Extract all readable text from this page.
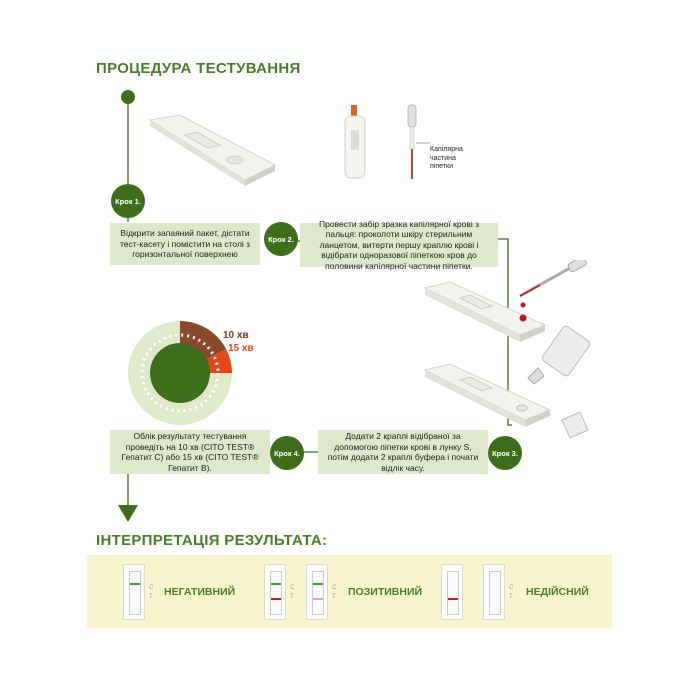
ПРОЦЕДУРА ТЕСТУВАННЯ
Капілярна
частина
піпетки
Крок 1.
Відкрити запаяний пакет, дістати тест-касету і помістити на столі з горизонтальної поверхнею
Крок 2.
Провести забір зразка капілярної крові з пальця: проколоти шкіру стерильним ланцетом, витерти першу краплю крові і відібрати одноразової піпеткою кров до половини капілярної частини піпетки.
Крок 3.
Додати 2 краплі відібраної за допомогою піпетки крові в лунку S, потім додати 2 краплі буфера і почати відлік часу.
Крок 4.
Облік результату тестування проведіть на 10 хв (CITO TEST® Гепатит С) або 15 хв (CITO TEST® Гепатит В).
10 хв
15 хв
ІНТЕРПРЕТАЦІЯ РЕЗУЛЬТАТА:
C
T НЕГАТИВНИЙ	C
T
C
T ПОЗИТИВНИЙ	C
T НЕДІЙСНИЙ
